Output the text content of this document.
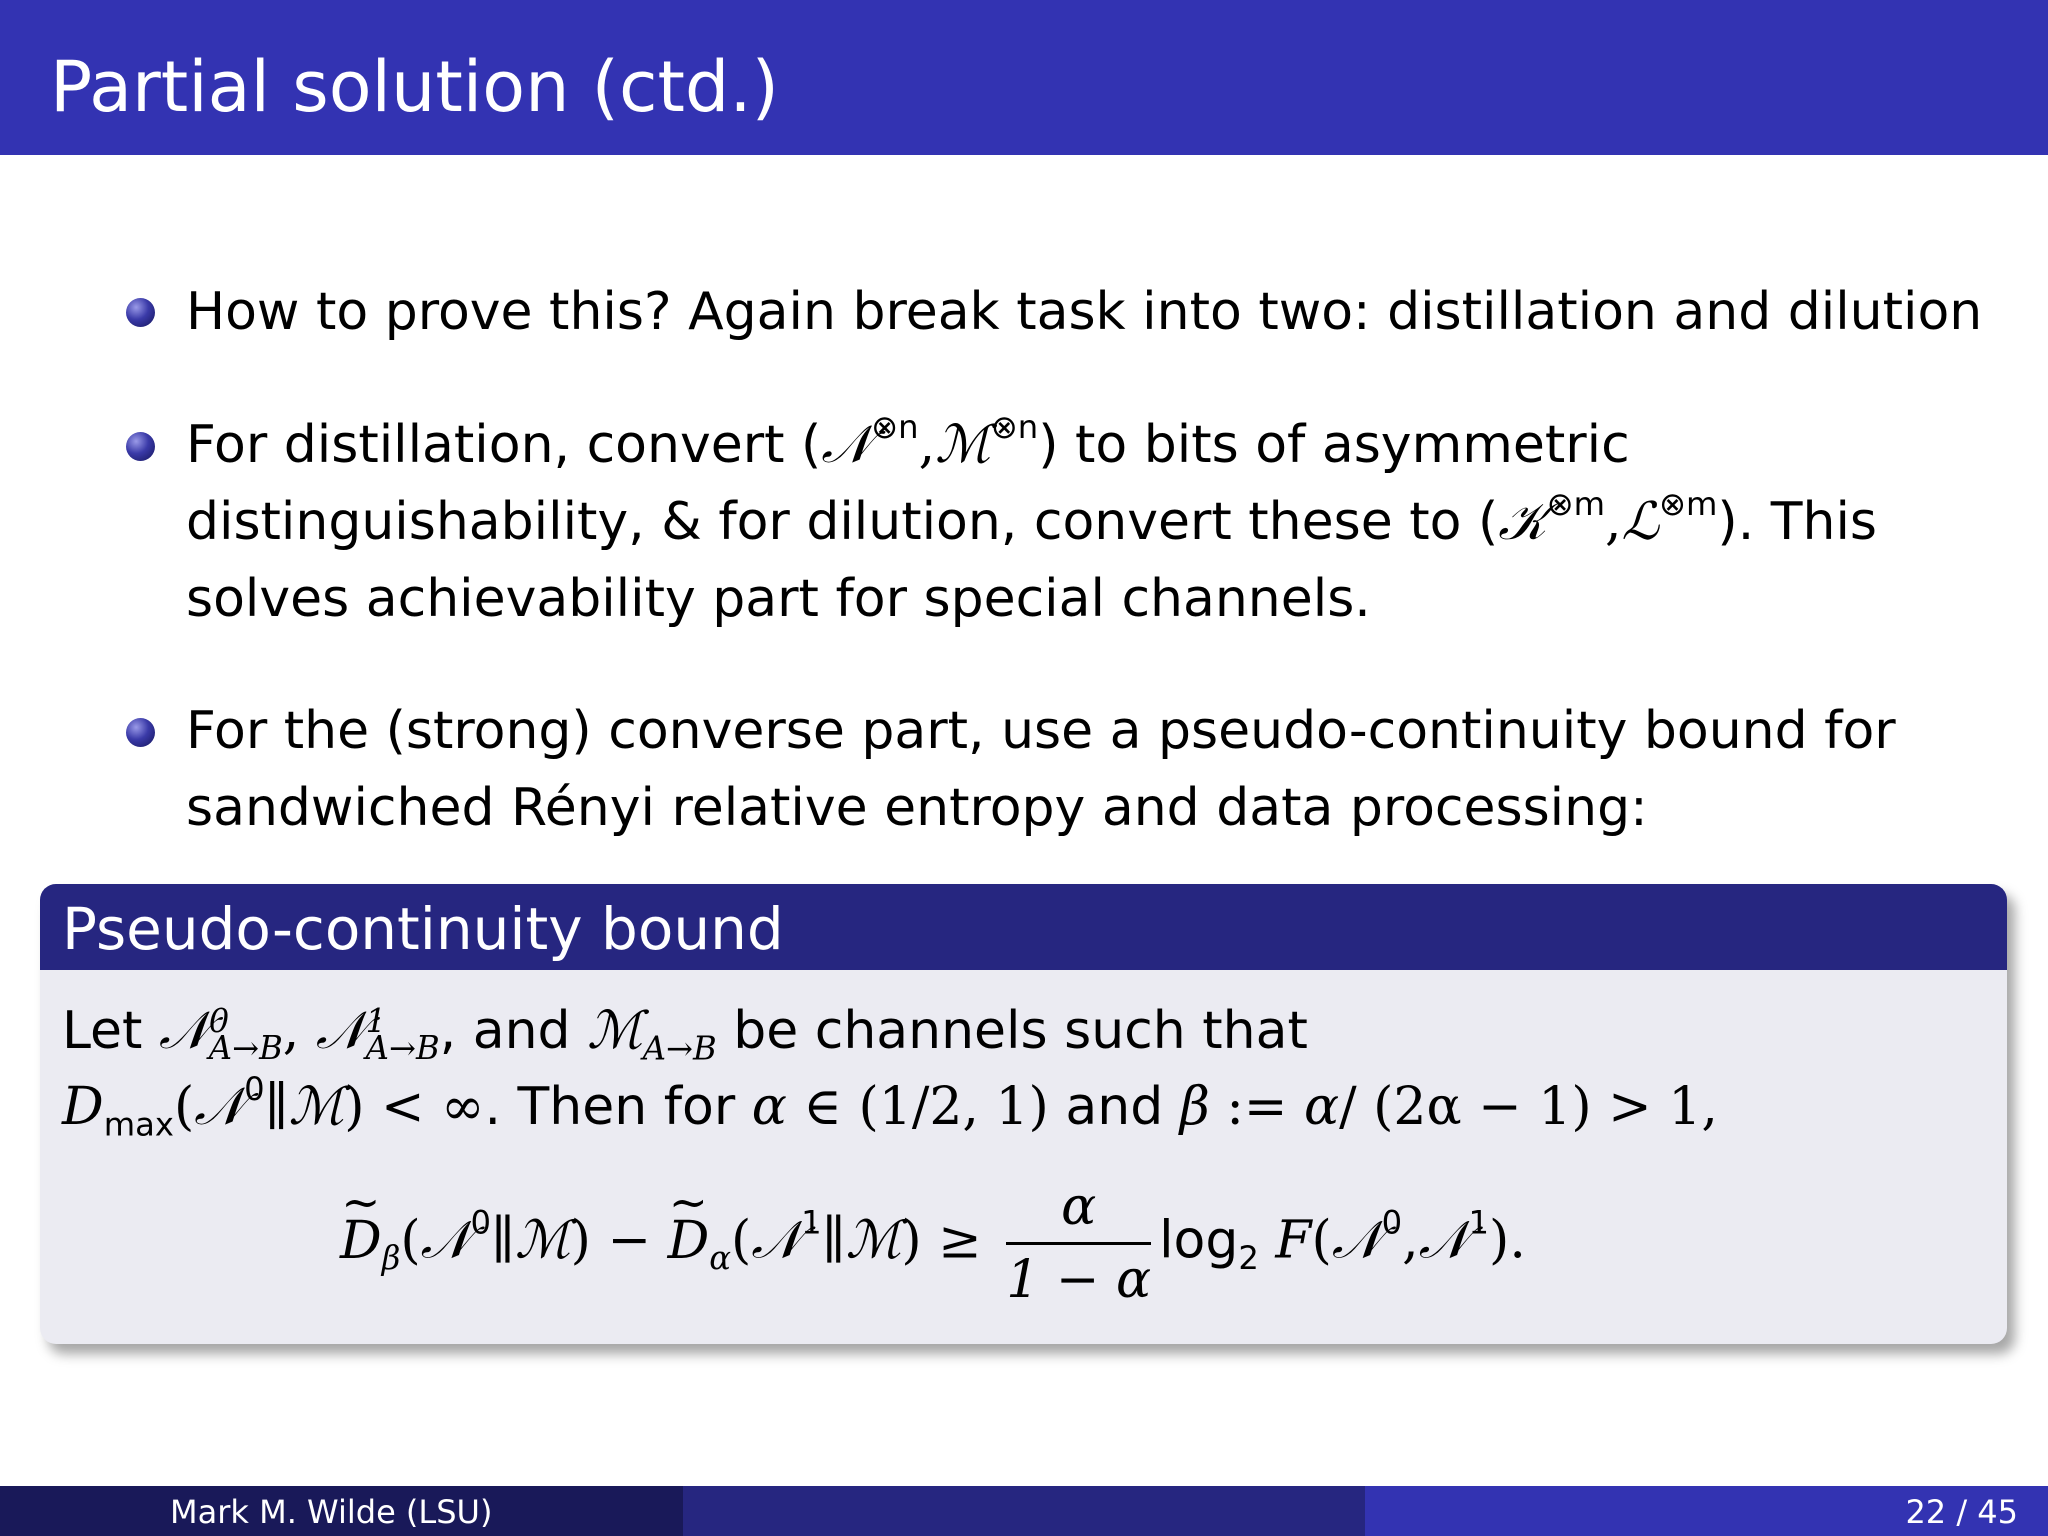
Partial solution (ctd.)
How to prove this? Again break task into two: distillation and dilution
For distillation, convert (𝒩$^{\otimes n}$,ℳ$^{\otimes n}$) to bits of asymmetric
distinguishability, & for dilution, convert these to (𝒦$^{\otimes m}$,ℒ$^{\otimes m}$). This
solves achievability part for special channels.
For the (strong) converse part, use a pseudo-continuity bound for
sandwiched Rényi relative entropy and data processing:
Pseudo-continuity bound
Let 𝒩 0
A→B , 𝒩 1
A→B , and ℳ$_{A\to B}$ be channels such that
$D_{max}(𝒩^0\parallel ℳ)$ < ∞. Then for α ∈ (1/2, 1) and β := α/ (2α − 1) > 1,
~ $D_\beta(𝒩^0\parallel ℳ)$ − ~ $D_\alpha(𝒩^1\parallel ℳ) \ge \frac{\alpha}{1 - \alpha} \log_2$ F(𝒩$^0$,𝒩$^1$).
Mark M. Wilde (LSU)	22 / 45
